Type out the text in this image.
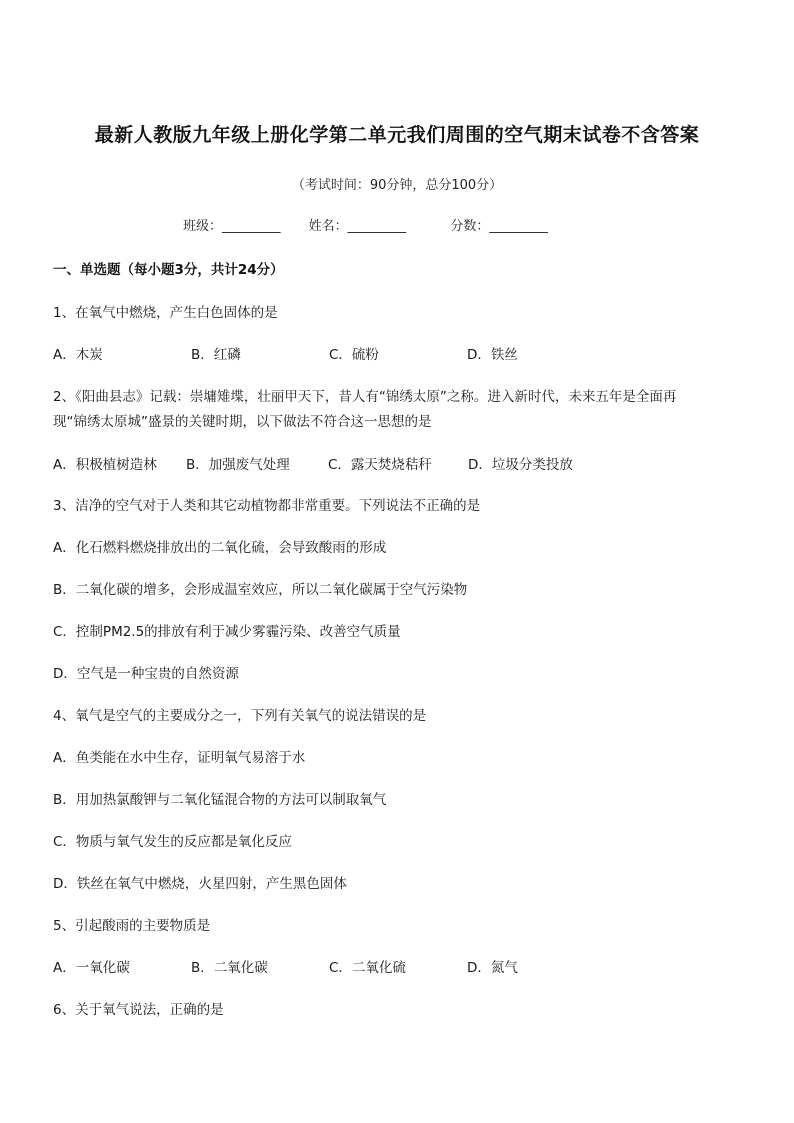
最新人教版九年级上册化学第二单元我们周围的空气期末试卷不含答案
（考试时间：90分钟，总分100分）
班级：_________ 姓名：_________	分数：_________
一、单选题（每小题3分，共计24分）
1、在氧气中燃烧，产生白色固体的是
A．木炭	B．红磷	C．硫粉	D．铁丝
2、《阳曲县志》记载：崇墉雉堞，壮丽甲天下，昔人有“锦绣太原”之称。进入新时代，未来五年是全面再
现“锦绣太原城”盛景的关键时期，以下做法不符合这一思想的是
A．积极植树造林 B．加强废气处理	C．露天焚烧秸秆	D．垃圾分类投放
3、洁净的空气对于人类和其它动植物都非常重要。下列说法不正确的是
A．化石燃料燃烧排放出的二氧化硫，会导致酸雨的形成
B．二氧化碳的增多，会形成温室效应，所以二氧化碳属于空气污染物
C．控制PM2.5的排放有利于减少雾霾污染、改善空气质量
D．空气是一种宝贵的自然资源
4、氧气是空气的主要成分之一，下列有关氧气的说法错误的是
A．鱼类能在水中生存，证明氧气易溶于水
B．用加热氯酸钾与二氧化锰混合物的方法可以制取氧气
C．物质与氧气发生的反应都是氧化反应
D．铁丝在氧气中燃烧，火星四射，产生黑色固体
5、引起酸雨的主要物质是
A．一氧化碳	B．二氧化碳	C．二氧化硫	D．氮气
6、关于氧气说法，正确的是
